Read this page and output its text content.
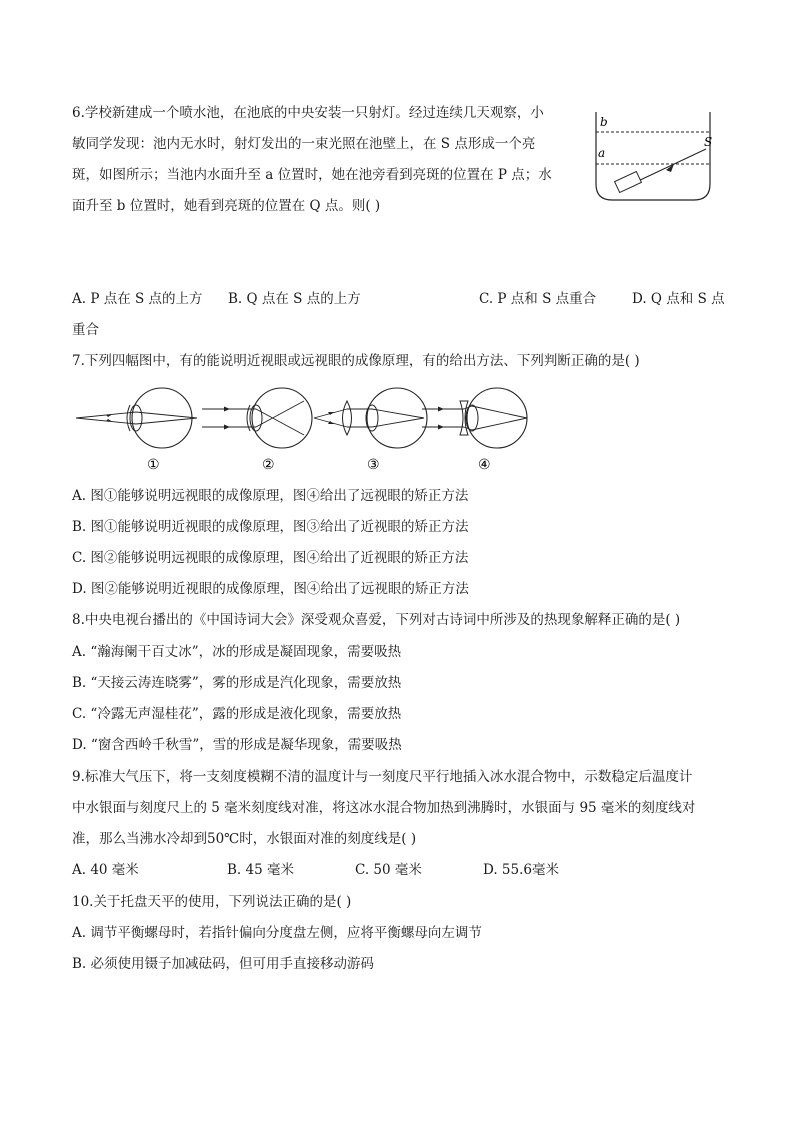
6.学校新建成一个喷水池，在池底的中央安装一只射灯。经过连续几天观察，小
敏同学发现：池内无水时，射灯发出的一束光照在池壁上，在 S 点形成一个亮
斑，如图所示；当池内水面升至 a 位置时，她在池旁看到亮斑的位置在 P 点；水
面升至 b 位置时，她看到亮斑的位置在 Q 点。则( )
b
a
S
A. P 点在 S 点的上方 B. Q 点在 S 点的上方	C. P 点和 S 点重合	D. Q 点和 S 点
重合
7.下列四幅图中，有的能说明近视眼或远视眼的成像原理，有的给出方法、下列判断正确的是( )
①	②	③	④
A. 图①能够说明远视眼的成像原理，图④给出了远视眼的矫正方法
B. 图①能够说明近视眼的成像原理，图③给出了近视眼的矫正方法
C. 图②能够说明远视眼的成像原理，图④给出了近视眼的矫正方法
D. 图②能够说明近视眼的成像原理，图④给出了远视眼的矫正方法
8.中央电视台播出的《中国诗词大会》深受观众喜爱，下列对古诗词中所涉及的热现象解释正确的是( )
A. “瀚海阑干百丈冰”，冰的形成是凝固现象，需要吸热
B. “天接云涛连晓雾”，雾的形成是汽化现象，需要放热
C. “冷露无声湿桂花”，露的形成是液化现象，需要放热
D. “窗含西岭千秋雪”，雪的形成是凝华现象，需要吸热
9.标准大气压下，将一支刻度模糊不清的温度计与一刻度尺平行地插入冰水混合物中，示数稳定后温度计
中水银面与刻度尺上的 5 毫米刻度线对准，将这冰水混合物加热到沸腾时，水银面与 95 毫米的刻度线对
准，那么当沸水冷却到50℃时，水银面对准的刻度线是( )
A. 40 毫米	B. 45 毫米	C. 50 毫米	D. 55.6毫米
10.关于托盘天平的使用，下列说法正确的是( )
A. 调节平衡螺母时，若指针偏向分度盘左侧，应将平衡螺母向左调节
B. 必须使用镊子加减砝码，但可用手直接移动游码
